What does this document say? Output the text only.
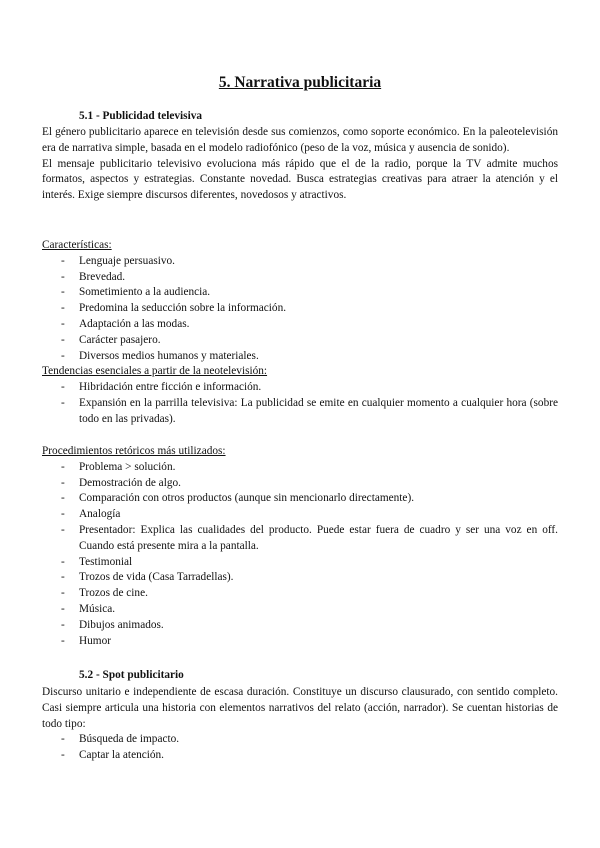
5. Narrativa publicitaria
5.1 - Publicidad televisiva

El género publicitario aparece en televisión desde sus comienzos, como soporte económico. En la paleotelevisión era de narrativa simple, basada en el modelo radiofónico (peso de la voz, música y ausencia de sonido).

El mensaje publicitario televisivo evoluciona más rápido que el de la radio, porque la TV admite muchos formatos, aspectos y estrategias. Constante novedad. Busca estrategias creativas para atraer la atención y el interés. Exige siempre discursos diferentes, novedosos y atractivos.

Características:

- Lenguaje persuasivo.
- Brevedad.
- Sometimiento a la audiencia.
- Predomina la seducción sobre la información.
- Adaptación a las modas.
- Carácter pasajero.
- Diversos medios humanos y materiales.

Tendencias esenciales a partir de la neotelevisión:

- Hibridación entre ficción e información.
- Expansión en la parrilla televisiva: La publicidad se emite en cualquier momento a cualquier hora (sobre todo en las privadas).

Procedimientos retóricos más utilizados:

- Problema > solución.
- Demostración de algo.
- Comparación con otros productos (aunque sin mencionarlo directamente).
- Analogía
- Presentador: Explica las cualidades del producto. Puede estar fuera de cuadro y ser una voz en off. Cuando está presente mira a la pantalla.
- Testimonial
- Trozos de vida (Casa Tarradellas).
- Trozos de cine.
- Música.
- Dibujos animados.
- Humor
5.2 - Spot publicitario

Discurso unitario e independiente de escasa duración. Constituye un discurso clausurado, con sentido completo. Casi siempre articula una historia con elementos narrativos del relato (acción, narrador). Se cuentan historias de todo tipo:

- Búsqueda de impacto.
- Captar la atención.
